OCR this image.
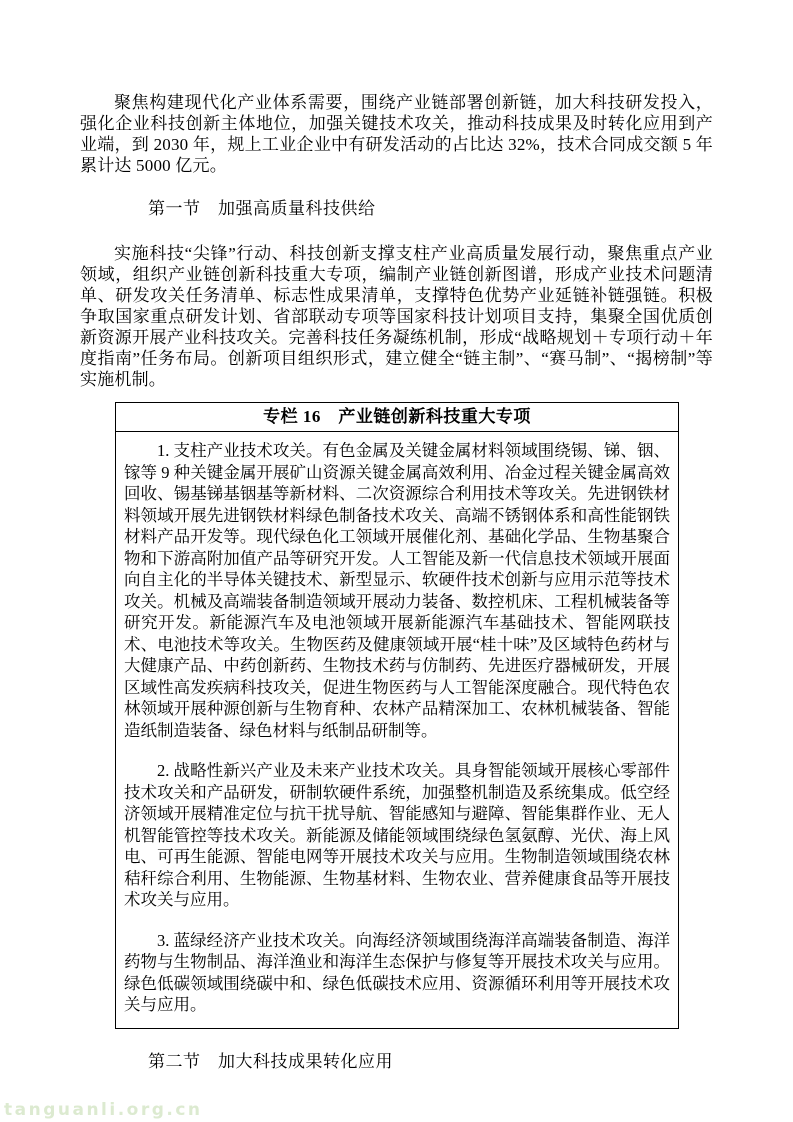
聚焦构建现代化产业体系需要，围绕产业链部署创新链，加大科技研发投入，强化企业科技创新主体地位，加强关键技术攻关，推动科技成果及时转化应用到产业端，到 2030 年，规上工业企业中有研发活动的占比达 32%，技术合同成交额 5 年累计达 5000 亿元。

第一节　加强高质量科技供给

实施科技“尖锋”行动、科技创新支撑支柱产业高质量发展行动，聚焦重点产业领域，组织产业链创新科技重大专项，编制产业链创新图谱，形成产业技术问题清单、研发攻关任务清单、标志性成果清单，支撑特色优势产业延链补链强链。积极争取国家重点研发计划、省部联动专项等国家科技计划项目支持，集聚全国优质创新资源开展产业科技攻关。完善科技任务凝练机制，形成“战略规划＋专项行动＋年度指南”任务布局。创新项目组织形式，建立健全“链主制”、“赛马制”、“揭榜制”等实施机制。

专栏 16　产业链创新科技重大专项

1. 支柱产业技术攻关。有色金属及关键金属材料领域围绕锡、锑、铟、镓等 9 种关键金属开展矿山资源关键金属高效利用、冶金过程关键金属高效回收、锡基锑基铟基等新材料、二次资源综合利用技术等攻关。先进钢铁材料领域开展先进钢铁材料绿色制备技术攻关、高端不锈钢体系和高性能钢铁材料产品开发等。现代绿色化工领域开展催化剂、基础化学品、生物基聚合物和下游高附加值产品等研究开发。人工智能及新一代信息技术领域开展面向自主化的半导体关键技术、新型显示、软硬件技术创新与应用示范等技术攻关。机械及高端装备制造领域开展动力装备、数控机床、工程机械装备等研究开发。新能源汽车及电池领域开展新能源汽车基础技术、智能网联技术、电池技术等攻关。生物医药及健康领域开展“桂十味”及区域特色药材与大健康产品、中药创新药、生物技术药与仿制药、先进医疗器械研发，开展区域性高发疾病科技攻关，促进生物医药与人工智能深度融合。现代特色农林领域开展种源创新与生物育种、农林产品精深加工、农林机械装备、智能造纸制造装备、绿色材料与纸制品研制等。

2. 战略性新兴产业及未来产业技术攻关。具身智能领域开展核心零部件技术攻关和产品研发，研制软硬件系统，加强整机制造及系统集成。低空经济领域开展精准定位与抗干扰导航、智能感知与避障、智能集群作业、无人机智能管控等技术攻关。新能源及储能领域围绕绿色氢氨醇、光伏、海上风电、可再生能源、智能电网等开展技术攻关与应用。生物制造领域围绕农林秸秆综合利用、生物能源、生物基材料、生物农业、营养健康食品等开展技术攻关与应用。

3. 蓝绿经济产业技术攻关。向海经济领域围绕海洋高端装备制造、海洋药物与生物制品、海洋渔业和海洋生态保护与修复等开展技术攻关与应用。绿色低碳领域围绕碳中和、绿色低碳技术应用、资源循环利用等开展技术攻关与应用。

第二节　加大科技成果转化应用
tanguanli.org.cn
